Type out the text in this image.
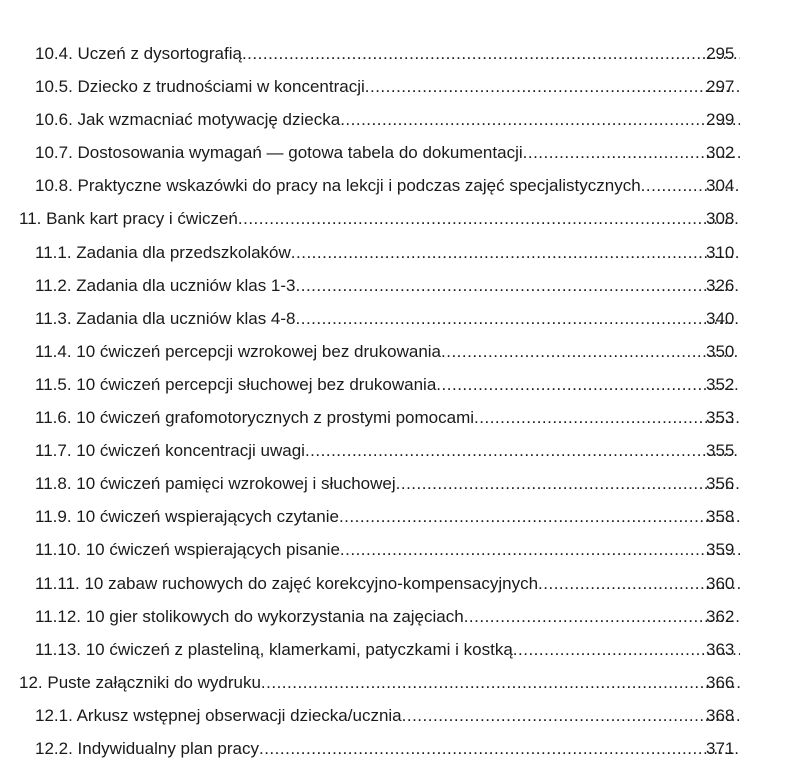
10.4. Uczeń z dysortografią .....	295
10.5. Dziecko z trudnościami w koncentracji .....	297
10.6. Jak wzmacniać motywację dziecka .....	299
10.7. Dostosowania wymagań — gotowa tabela do dokumentacji .....	302
10.8. Praktyczne wskazówki do pracy na lekcji i podczas zajęć specjalistycznych .....	304
11. Bank kart pracy i ćwiczeń .....	308
11.1. Zadania dla przedszkolaków .....	310
11.2. Zadania dla uczniów klas 1-3 .....	326
11.3. Zadania dla uczniów klas 4-8 .....	340
11.4. 10 ćwiczeń percepcji wzrokowej bez drukowania .....	350
11.5. 10 ćwiczeń percepcji słuchowej bez drukowania .....	352
11.6. 10 ćwiczeń grafomotorycznych z prostymi pomocami .....	353
11.7. 10 ćwiczeń koncentracji uwagi .....	355
11.8. 10 ćwiczeń pamięci wzrokowej i słuchowej .....	356
11.9. 10 ćwiczeń wspierających czytanie .....	358
11.10. 10 ćwiczeń wspierających pisanie .....	359
11.11. 10 zabaw ruchowych do zajęć korekcyjno-kompensacyjnych .....	360
11.12. 10 gier stolikowych do wykorzystania na zajęciach .....	362
11.13. 10 ćwiczeń z plasteliną, klamerkami, patyczkami i kostką .....	363
12. Puste załączniki do wydruku .....	366
12.1. Arkusz wstępnej obserwacji dziecka/ucznia .....	368
12.2. Indywidualny plan pracy .....	371
